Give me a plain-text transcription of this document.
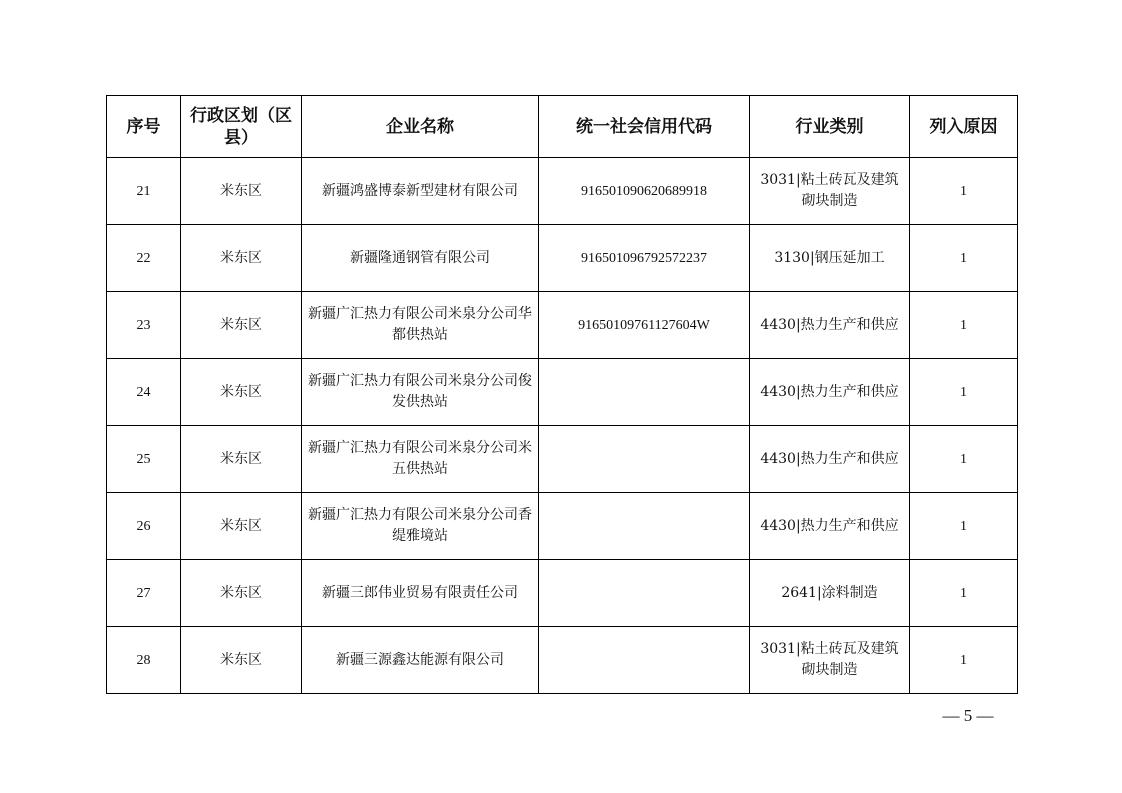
序号	行政区划（区县）	企业名称	统一社会信用代码	行业类别	列入原因
21	米东区	新疆鸿盛博泰新型建材有限公司	916501090620689918	3031|粘土砖瓦及建筑砌块制造	1
22	米东区	新疆隆通钢管有限公司	91650109679257223​7	3130|钢压延加工	1
23	米东区	新疆广汇热力有限公司米泉分公司华都供热站	91650109761127604W	4430|热力生产和供应	1
24	米东区	新疆广汇热力有限公司米泉分公司俊发供热站		4430|热力生产和供应	1
25	米东区	新疆广汇热力有限公司米泉分公司米五供热站		4430|热力生产和供应	1
26	米东区	新疆广汇热力有限公司米泉分公司香缇雅境站		4430|热力生产和供应	1
27	米东区	新疆三郎伟业贸易有限责任公司		2641|涂料制造	1
28	米东区	新疆三源鑫达能源有限公司		3031|粘土砖瓦及建筑砌块制造	1
— 5 —
